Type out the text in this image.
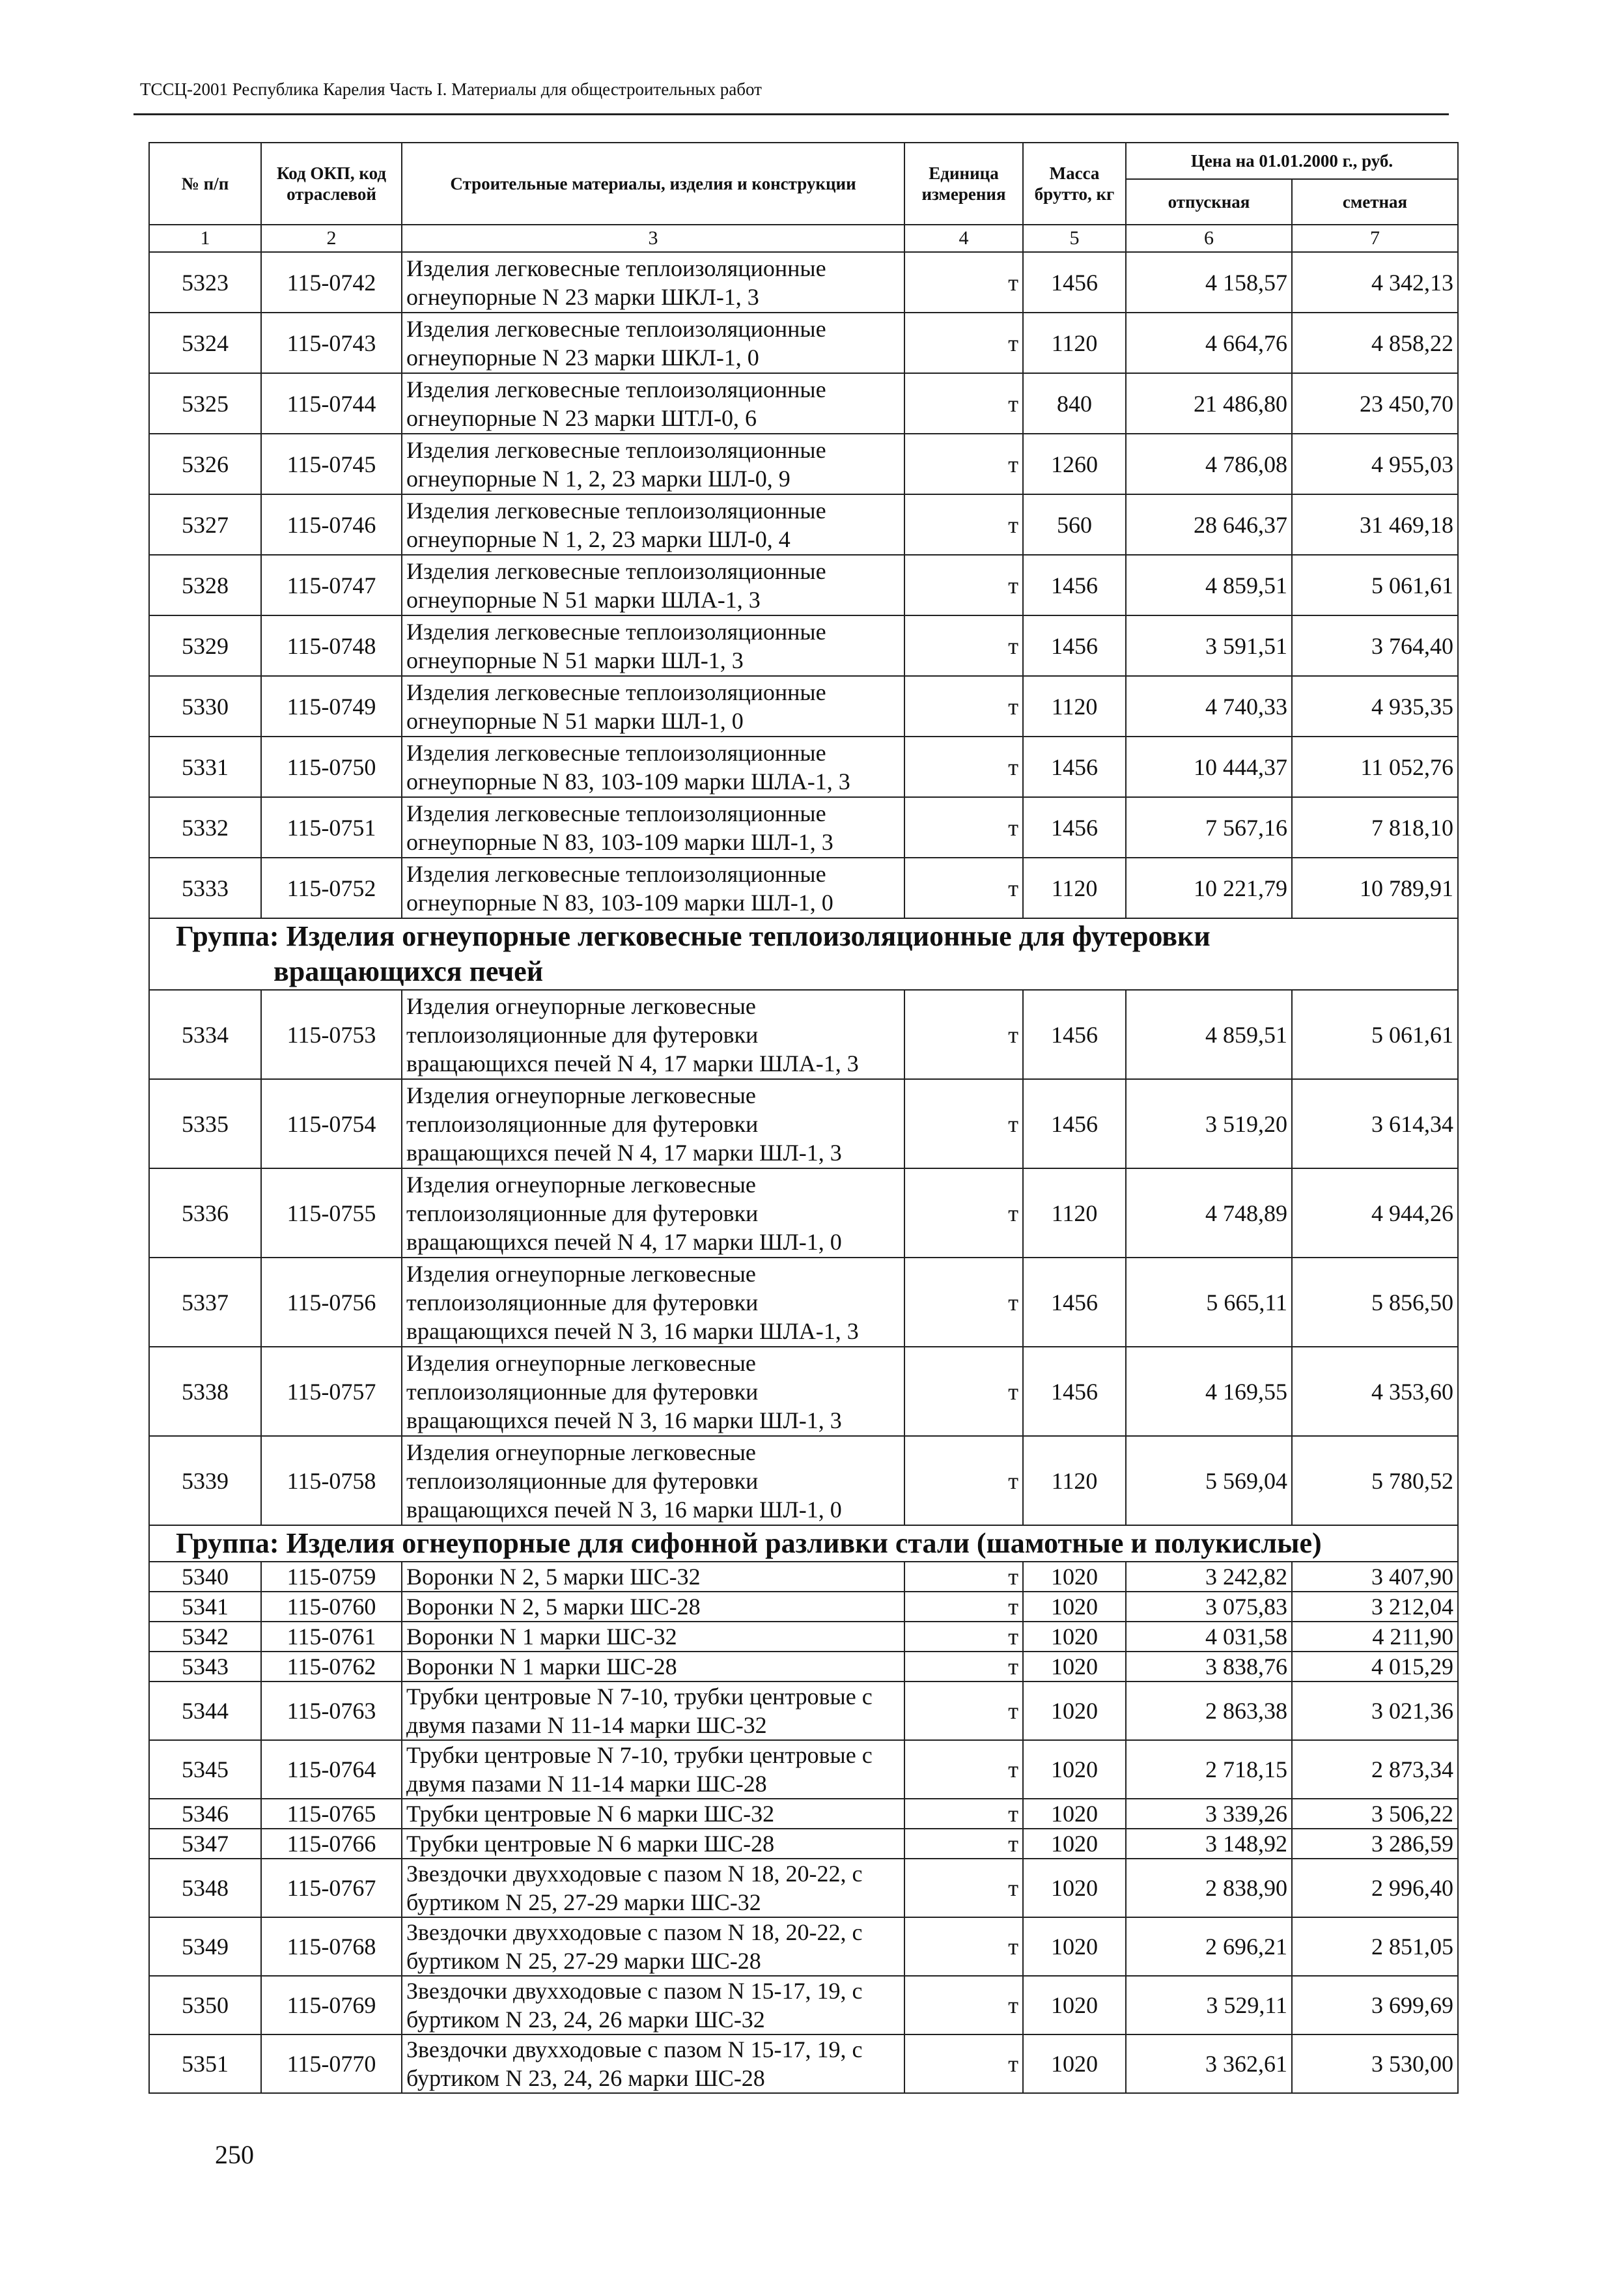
ТССЦ-2001 Республика Карелия Часть I. Материалы для общестроительных работ
№ п/п	Код ОКП, код отраслевой	Строительные материалы, изделия и конструкции	Единица измерения	Масса брутто, кг	Цена на 01.01.2000 г., руб.	
					отпускная	сметная
1	2	3	4	5	6	7
5323	115-0742	Изделия легковесные теплоизоляционные огнеупорные N 23 марки ШКЛ-1, 3	т	1456	4 158,57	4 342,13
5324	115-0743	Изделия легковесные теплоизоляционные огнеупорные N 23 марки ШКЛ-1, 0	т	1120	4 664,76	4 858,22
5325	115-0744	Изделия легковесные теплоизоляционные огнеупорные N 23 марки ШТЛ-0, 6	т	840	21 486,80	23 450,70
5326	115-0745	Изделия легковесные теплоизоляционные огнеупорные N 1, 2, 23 марки ШЛ-0, 9	т	1260	4 786,08	4 955,03
5327	115-0746	Изделия легковесные теплоизоляционные огнеупорные N 1, 2, 23 марки ШЛ-0, 4	т	560	28 646,37	31 469,18
5328	115-0747	Изделия легковесные теплоизоляционные огнеупорные N 51 марки ШЛА-1, 3	т	1456	4 859,51	5 061,61
5329	115-0748	Изделия легковесные теплоизоляционные огнеупорные N 51 марки ШЛ-1, 3	т	1456	3 591,51	3 764,40
5330	115-0749	Изделия легковесные теплоизоляционные огнеупорные N 51 марки ШЛ-1, 0	т	1120	4 740,33	4 935,35
5331	115-0750	Изделия легковесные теплоизоляционные огнеупорные N 83, 103-109 марки ШЛА-1, 3	т	1456	10 444,37	11 052,76
5332	115-0751	Изделия легковесные теплоизоляционные огнеупорные N 83, 103-109 марки ШЛ-1, 3	т	1456	7 567,16	7 818,10
5333	115-0752	Изделия легковесные теплоизоляционные огнеупорные N 83, 103-109 марки ШЛ-1, 0	т	1120	10 221,79	10 789,91

Группа: Изделия огнеупорные легковесные теплоизоляционные для футеровки
вращающихся печей						
5334	115-0753	Изделия огнеупорные легковесные теплоизоляционные для футеровки вращающихся печей N 4, 17 марки ШЛА-1, 3	т	1456	4 859,51	5 061,61
5335	115-0754	Изделия огнеупорные легковесные теплоизоляционные для футеровки вращающихся печей N 4, 17 марки ШЛ-1, 3	т	1456	3 519,20	3 614,34
5336	115-0755	Изделия огнеупорные легковесные теплоизоляционные для футеровки вращающихся печей N 4, 17 марки ШЛ-1, 0	т	1120	4 748,89	4 944,26
5337	115-0756	Изделия огнеупорные легковесные теплоизоляционные для футеровки вращающихся печей N 3, 16 марки ШЛА-1, 3	т	1456	5 665,11	5 856,50
5338	115-0757	Изделия огнеупорные легковесные теплоизоляционные для футеровки вращающихся печей N 3, 16 марки ШЛ-1, 3	т	1456	4 169,55	4 353,60
5339	115-0758	Изделия огнеупорные легковесные теплоизоляционные для футеровки вращающихся печей N 3, 16 марки ШЛ-1, 0	т	1120	5 569,04	5 780,52
Группа: Изделия огнеупорные для сифонной разливки стали (шамотные и полукислые)						
5340	115-0759	Воронки N 2, 5 марки ШС-32	т	1020	3 242,82	3 407,90
5341	115-0760	Воронки N 2, 5 марки ШС-28	т	1020	3 075,83	3 212,04
5342	115-0761	Воронки N 1 марки ШС-32	т	1020	4 031,58	4 211,90
5343	115-0762	Воронки N 1 марки ШС-28	т	1020	3 838,76	4 015,29
5344	115-0763	Трубки центровые N 7-10, трубки центровые с двумя пазами N 11-14 марки ШС-32	т	1020	2 863,38	3 021,36
5345	115-0764	Трубки центровые N 7-10, трубки центровые с двумя пазами N 11-14 марки ШС-28	т	1020	2 718,15	2 873,34
5346	115-0765	Трубки центровые N 6 марки ШС-32	т	1020	3 339,26	3 506,22
5347	115-0766	Трубки центровые N 6 марки ШС-28	т	1020	3 148,92	3 286,59
5348	115-0767	Звездочки двухходовые с пазом N 18, 20-22, с буртиком N 25, 27-29 марки ШС-32	т	1020	2 838,90	2 996,40
5349	115-0768	Звездочки двухходовые с пазом N 18, 20-22, с буртиком N 25, 27-29 марки ШС-28	т	1020	2 696,21	2 851,05
5350	115-0769	Звездочки двухходовые с пазом N 15-17, 19, с буртиком N 23, 24, 26 марки ШС-32	т	1020	3 529,11	3 699,69
5351	115-0770	Звездочки двухходовые с пазом N 15-17, 19, с буртиком N 23, 24, 26 марки ШС-28	т	1020	3 362,61	3 530,00
250
